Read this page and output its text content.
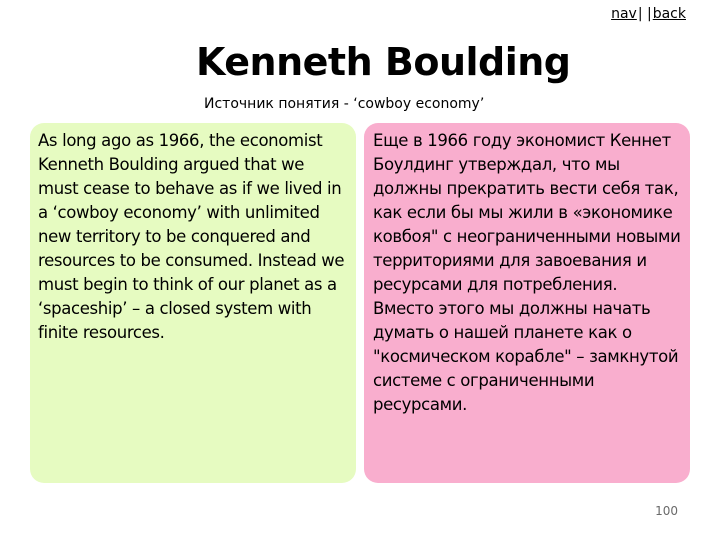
nav| |back
Kenneth Boulding
Источник понятия - ‘cowboy economy’

As long ago as 1966, the economist Kenneth Boulding argued that we must cease to behave as if we lived in a ‘cowboy economy’ with unlimited new territory to be conquered and resources to be consumed. Instead we must begin to think of our planet as a ‘spaceship’ – a closed system with finite resources.

Еще в 1966 году экономист Кеннет Боулдинг утверждал, что мы должны прекратить вести себя так, как если бы мы жили в «экономике ковбоя" с неограниченными новыми территориями для завоевания и ресурсами для потребления. Вместо этого мы должны начать думать о нашей планете как о "космическом корабле" – замкнутой системе с ограниченными ресурсами.

100
